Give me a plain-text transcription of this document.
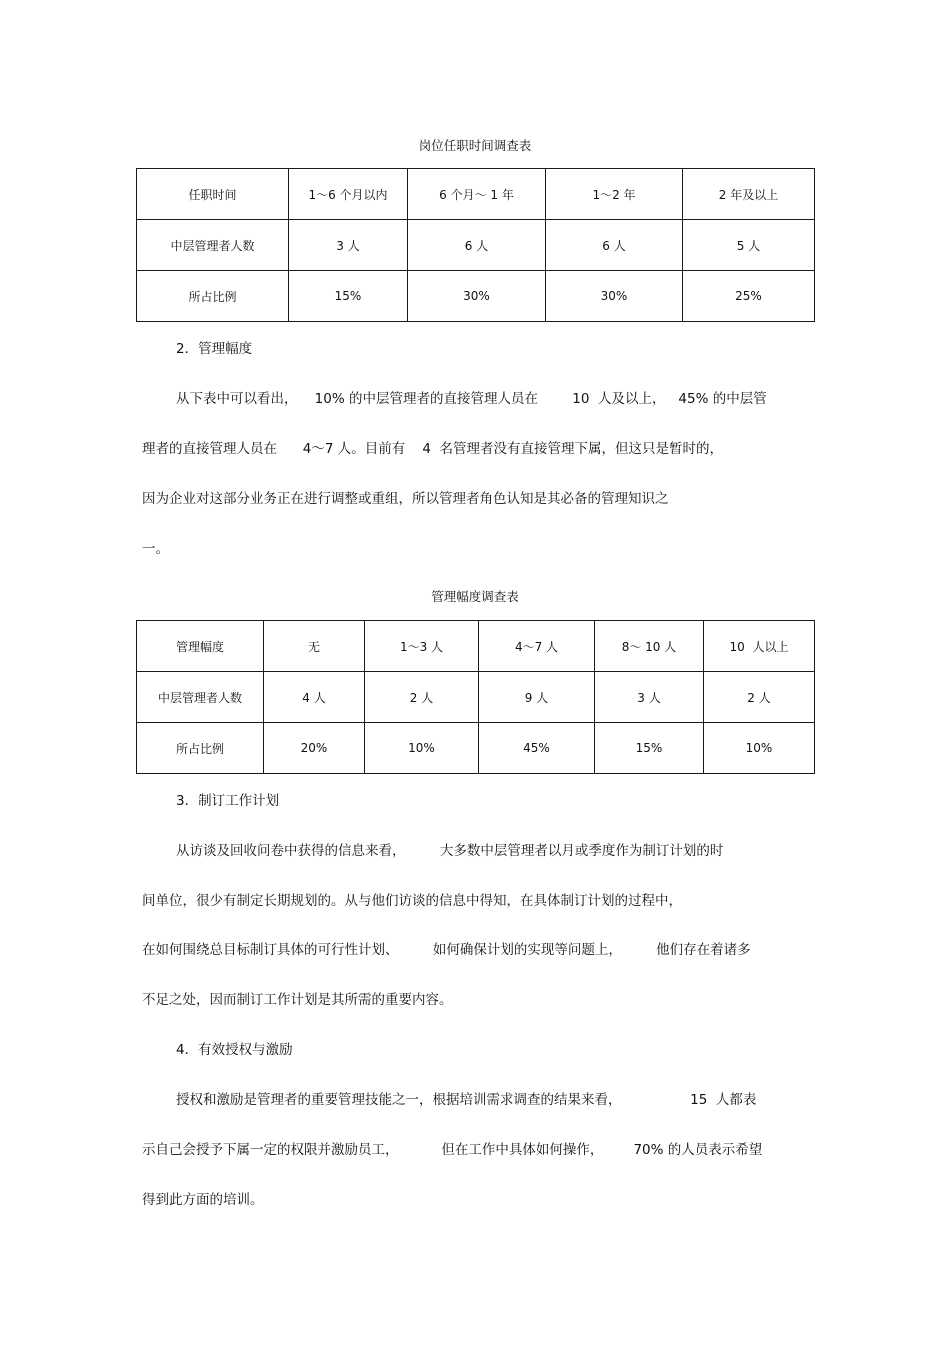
岗位任职时间调查表
任职时间	1～6 个月以内	6 个月～ 1 年	1～2 年	2 年及以上
中层管理者人数	3 人	6 人	6 人	5 人
所占比例	15%	30%	30%	25%
2．管理幅度
从下表中可以看出，    10% 的中层管理者的直接管理人员在        10  人及以上，   45% 的中层管
理者的直接管理人员在      4～7 人。目前有    4  名管理者没有直接管理下属，但这只是暂时的，
因为企业对这部分业务正在进行调整或重组，所以管理者角色认知是其必备的管理知识之
一。
管理幅度调查表
管理幅度	无	1～3 人	4～7 人	8～ 10 人	10  人以上
中层管理者人数	4 人	2 人	9 人	3 人	2 人
所占比例	20%	10%	45%	15%	10%
3．制订工作计划
从访谈及回收问卷中获得的信息来看，        大多数中层管理者以月或季度作为制订计划的时
间单位，很少有制定长期规划的。从与他们访谈的信息中得知，在具体制订计划的过程中，
在如何围绕总目标制订具体的可行性计划、        如何确保计划的实现等问题上，        他们存在着诸多
不足之处，因而制订工作计划是其所需的重要内容。
4．有效授权与激励
授权和激励是管理者的重要管理技能之一，根据培训需求调查的结果来看，                15  人都表
示自己会授予下属一定的权限并激励员工，          但在工作中具体如何操作，       70% 的人员表示希望
得到此方面的培训。
